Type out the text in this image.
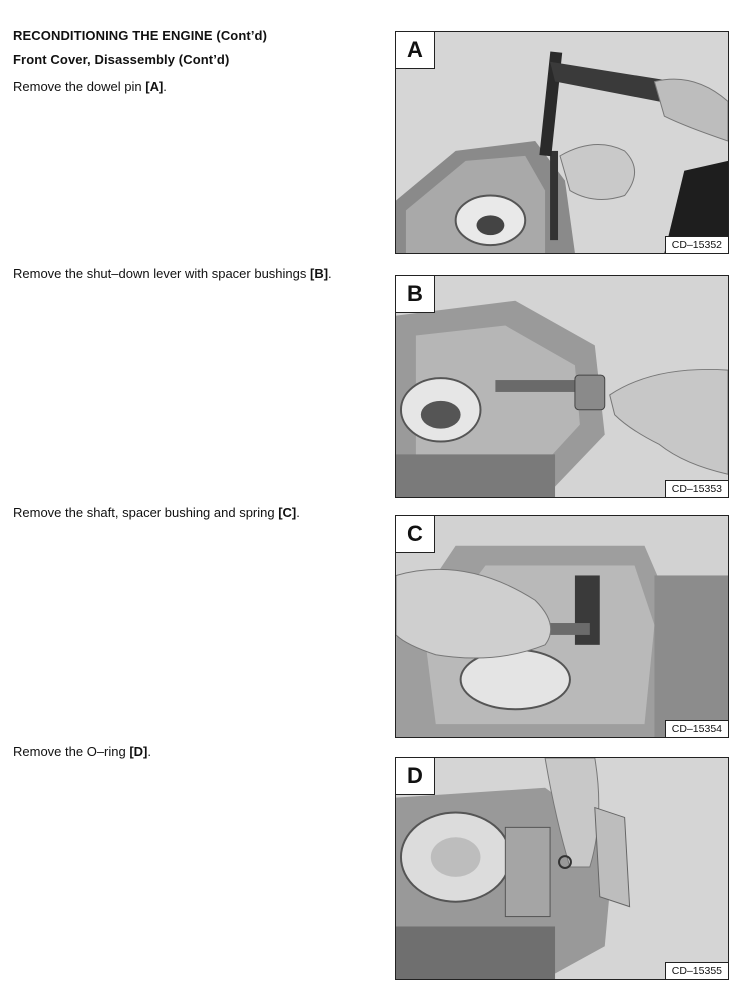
RECONDITIONING THE ENGINE (Cont’d)
Front Cover, Disassembly (Cont’d)
Remove the dowel pin [A].
A
CD–15352
Remove the shut–down lever with spacer bushings [B].
B
CD–15353
Remove the shaft, spacer bushing and spring [C].
C
CD–15354
Remove the O–ring [D].
D
CD–15355
